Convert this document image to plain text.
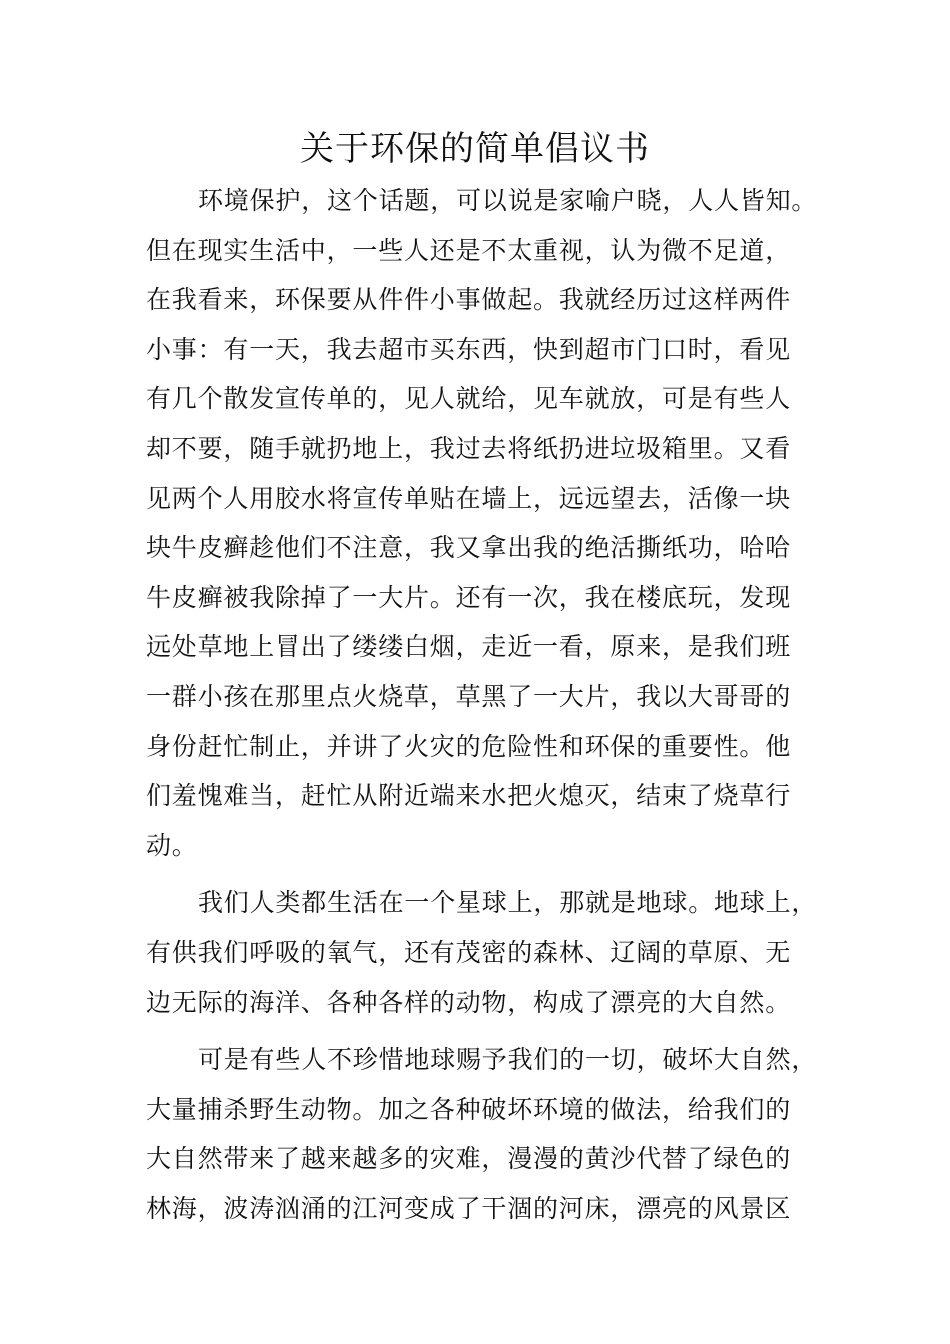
关于环保的简单倡议书
环境保护，这个话题，可以说是家喻户晓，人人皆知。
但在现实生活中，一些人还是不太重视，认为微不足道，
在我看来，环保要从件件小事做起。我就经历过这样两件
小事：有一天，我去超市买东西，快到超市门口时，看见
有几个散发宣传单的，见人就给，见车就放，可是有些人
却不要，随手就扔地上，我过去将纸扔进垃圾箱里。又看
见两个人用胶水将宣传单贴在墙上，远远望去，活像一块
块牛皮癣趁他们不注意，我又拿出我的绝活撕纸功，哈哈
牛皮癣被我除掉了一大片。还有一次，我在楼底玩，发现
远处草地上冒出了缕缕白烟，走近一看，原来，是我们班
一群小孩在那里点火烧草，草黑了一大片，我以大哥哥的
身份赶忙制止，并讲了火灾的危险性和环保的重要性。他
们羞愧难当，赶忙从附近端来水把火熄灭，结束了烧草行
动。
我们人类都生活在一个星球上，那就是地球。地球上，
有供我们呼吸的氧气，还有茂密的森林、辽阔的草原、无
边无际的海洋、各种各样的动物，构成了漂亮的大自然。
可是有些人不珍惜地球赐予我们的一切，破坏大自然，
大量捕杀野生动物。加之各种破坏环境的做法，给我们的
大自然带来了越来越多的灾难，漫漫的黄沙代替了绿色的
林海，波涛汹涌的江河变成了干涸的河床，漂亮的风景区
